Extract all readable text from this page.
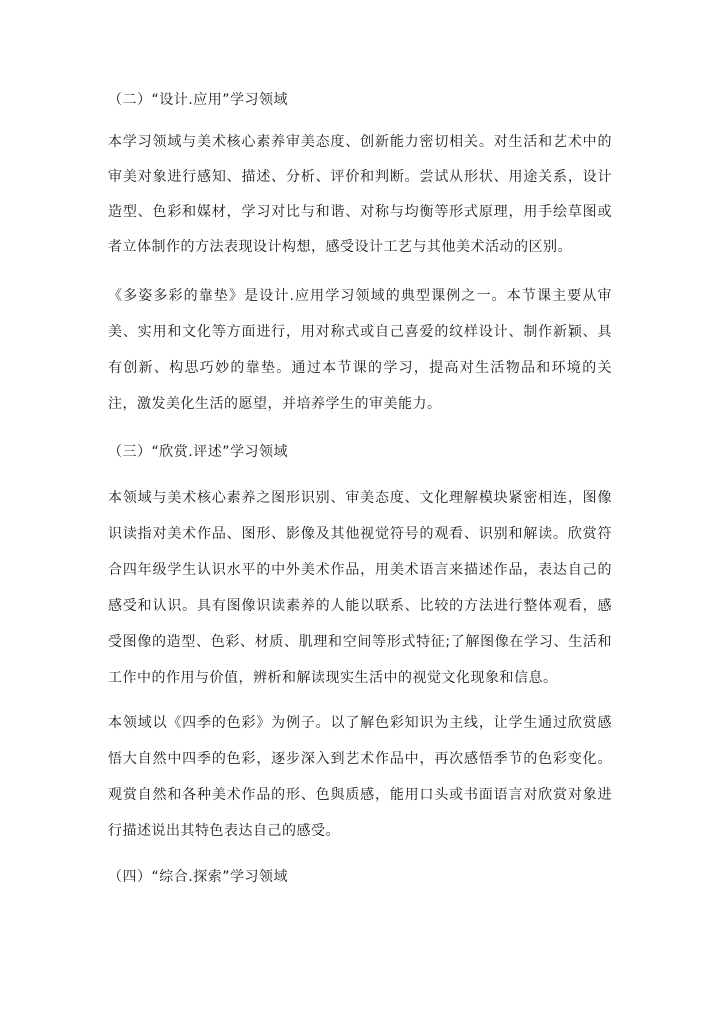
（二）“设计.应用”学习领域
本学习领域与美术核心素养审美态度、创新能力密切相关。对生活和艺术中的
审美对象进行感知、描述、分析、评价和判断。尝试从形状、用途关系，设计
造型、色彩和媒材，学习对比与和谐、对称与均衡等形式原理，用手绘草图或
者立体制作的方法表现设计构想，感受设计工艺与其他美术活动的区别。
《多姿多彩的靠垫》是设计.应用学习领域的典型课例之一。本节课主要从审
美、实用和文化等方面进行，用对称式或自己喜爱的纹样设计、制作新颖、具
有创新、构思巧妙的靠垫。通过本节课的学习，提高对生活物品和环境的关
注，激发美化生活的愿望，并培养学生的审美能力。
（三）“欣赏.评述”学习领域
本领域与美术核心素养之图形识别、审美态度、文化理解模块紧密相连，图像
识读指对美术作品、图形、影像及其他视觉符号的观看、识别和解读。欣赏符
合四年级学生认识水平的中外美术作品，用美术语言来描述作品，表达自己的
感受和认识。具有图像识读素养的人能以联系、比较的方法进行整体观看，感
受图像的造型、色彩、材质、肌理和空间等形式特征;了解图像在学习、生活和
工作中的作用与价值，辨析和解读现实生活中的视觉文化现象和信息。
本领域以《四季的色彩》为例子。以了解色彩知识为主线，让学生通过欣赏感
悟大自然中四季的色彩，逐步深入到艺术作品中，再次感悟季节的色彩变化。
观赏自然和各种美术作品的形、色與质感，能用口头或书面语言对欣赏对象进
行描述说出其特色表达自己的感受。
（四）“综合.探索”学习领域
